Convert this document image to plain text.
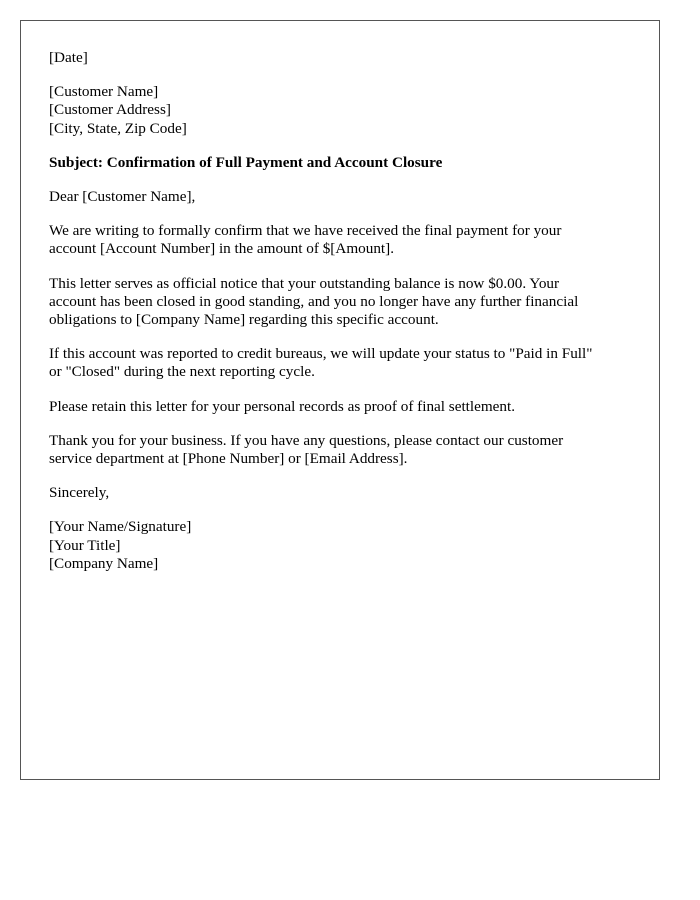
[Date]
[Customer Name]
[Customer Address]
[City, State, Zip Code]
Subject: Confirmation of Full Payment and Account Closure
Dear [Customer Name],
We are writing to formally confirm that we have received the final payment for your
account [Account Number] in the amount of $[Amount].
This letter serves as official notice that your outstanding balance is now $0.00. Your
account has been closed in good standing, and you no longer have any further financial
obligations to [Company Name] regarding this specific account.
If this account was reported to credit bureaus, we will update your status to "Paid in Full"
or "Closed" during the next reporting cycle.
Please retain this letter for your personal records as proof of final settlement.
Thank you for your business. If you have any questions, please contact our customer
service department at [Phone Number] or [Email Address].
Sincerely,
[Your Name/Signature]
[Your Title]
[Company Name]
